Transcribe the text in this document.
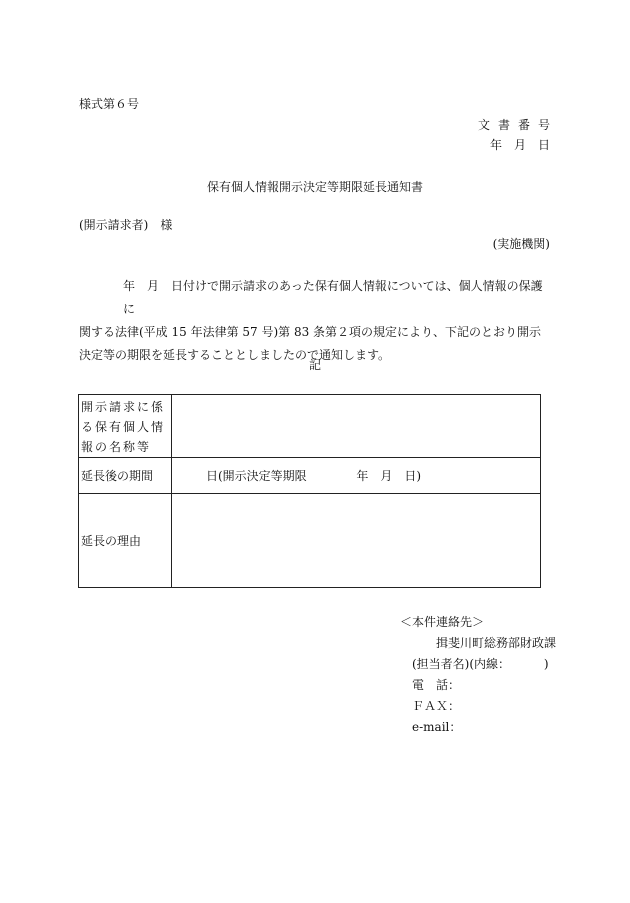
様式第６号
文書番号
年　月　日
保有個人情報開示決定等期限延長通知書
(開示請求者)　様
(実施機関)

年　月　日付けで開示請求のあった保有個人情報については、個人情報の保護に

関する法律(平成 15 年法律第 57 号)第 83 条第２項の規定により、下記のとおり開示決定等の期限を延長することとしましたので通知します。

記
開示請求に係る保有個人情報の名称等	
延長後の期間	日(開示決定等期限 年　月　日)
延長の理由	
＜本件連絡先＞
揖斐川町総務部財政課
(担当者名)(内線：　　　 )
電　話：
ＦＡＸ：
e-mail：
